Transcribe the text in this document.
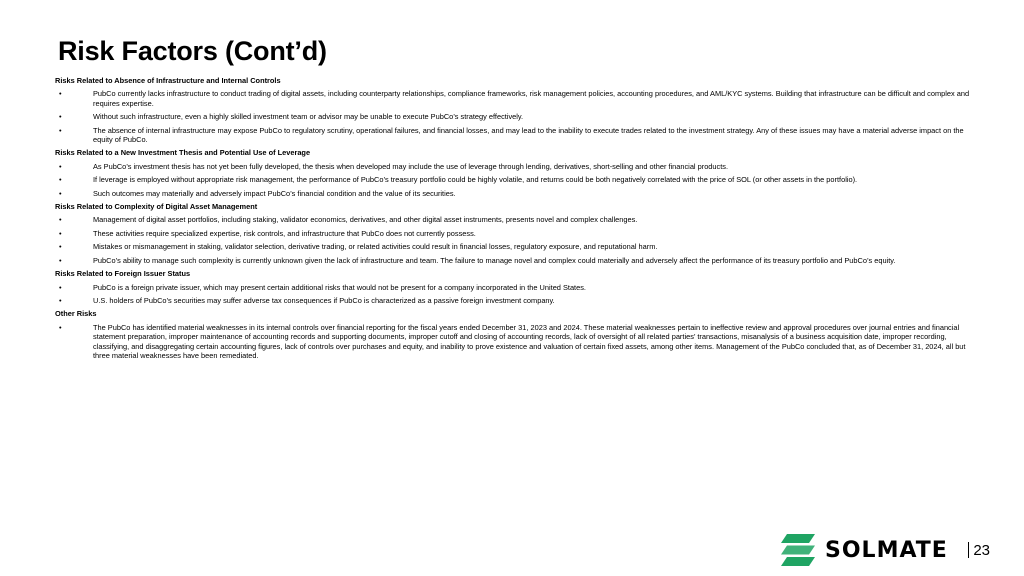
Risk Factors (Cont’d)
Risks Related to Absence of Infrastructure and Internal Controls
•	PubCo currently lacks infrastructure to conduct trading of digital assets, including counterparty relationships, compliance frameworks, risk management policies, accounting procedures, and AML/KYC systems. Building that infrastructure can be difficult and complex and requires expertise.
•	Without such infrastructure, even a highly skilled investment team or advisor may be unable to execute PubCo’s strategy effectively.
•	The absence of internal infrastructure may expose PubCo to regulatory scrutiny, operational failures, and financial losses, and may lead to the inability to execute trades related to the investment strategy. Any of these issues may have a material adverse impact on the equity of PubCo.
Risks Related to a New Investment Thesis and Potential Use of Leverage
•	As PubCo’s investment thesis has not yet been fully developed, the thesis when developed may include the use of leverage through lending, derivatives, short-selling and other financial products.
•	If leverage is employed without appropriate risk management, the performance of PubCo’s treasury portfolio could be highly volatile, and returns could be both negatively correlated with the price of SOL (or other assets in the portfolio).
•	Such outcomes may materially and adversely impact PubCo’s financial condition and the value of its securities.
Risks Related to Complexity of Digital Asset Management
•	Management of digital asset portfolios, including staking, validator economics, derivatives, and other digital asset instruments, presents novel and complex challenges.
•	These activities require specialized expertise, risk controls, and infrastructure that PubCo does not currently possess.
•	Mistakes or mismanagement in staking, validator selection, derivative trading, or related activities could result in financial losses, regulatory exposure, and reputational harm.
•	PubCo’s ability to manage such complexity is currently unknown given the lack of infrastructure and team. The failure to manage novel and complex could materially and adversely affect the performance of its treasury portfolio and PubCo’s equity.
Risks Related to Foreign Issuer Status
•	PubCo is a foreign private issuer, which may present certain additional risks that would not be present for a company incorporated in the United States.
•	U.S. holders of PubCo’s securities may suffer adverse tax consequences if PubCo is characterized as a passive foreign investment company.
Other Risks
•	The PubCo has identified material weaknesses in its internal controls over financial reporting for the fiscal years ended December 31, 2023 and 2024. These material weaknesses pertain to ineffective review and approval procedures over journal entries and financial statement preparation, improper maintenance of accounting records and supporting documents, improper cutoff and closing of accounting records, lack of oversight of all related parties’ transactions, misanalysis of a business acquisition date, improper recording, classifying, and disaggregating certain accounting figures, lack of controls over purchases and equity, and inability to prove existence and valuation of certain fixed assets, among other items. Management of the PubCo concluded that, as of December 31, 2024, all but three material weaknesses have been remediated.
SOLMATE 23
